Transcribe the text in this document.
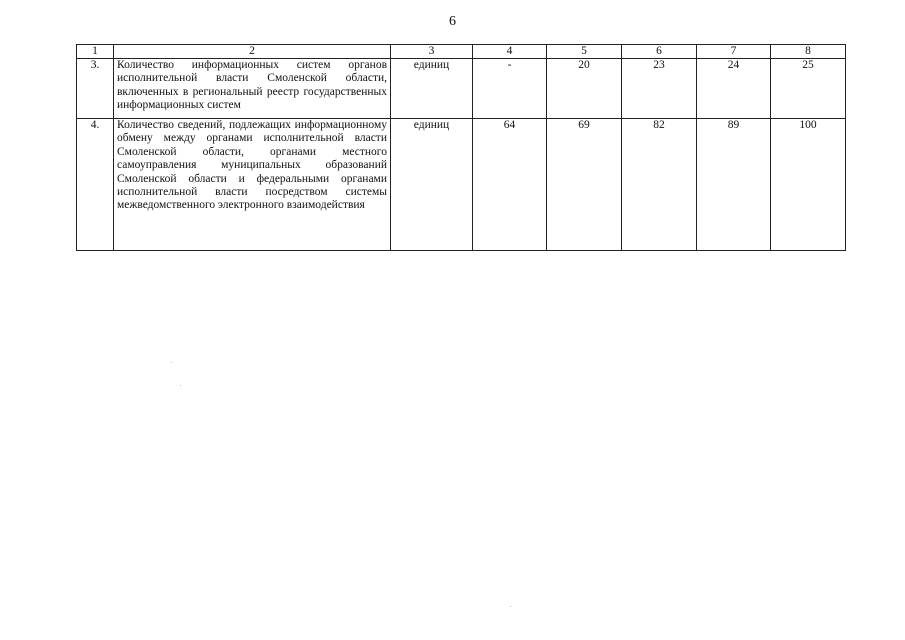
6
1	2	3	4	5	6	7	8
3.	Количество информационных систем органов исполнительной власти Смоленской области, включенных в региональный реестр государственных информационных систем	единиц	-	20	23	24	25
4.	Количество сведений, подлежащих информационному обмену между органами исполнительной власти Смоленской области, органами местного самоуправления муниципальных образований Смоленской области и федеральными органами исполнительной власти посредством системы межведомственного электронного взаимодействия	единиц	64	69	82	89	100
